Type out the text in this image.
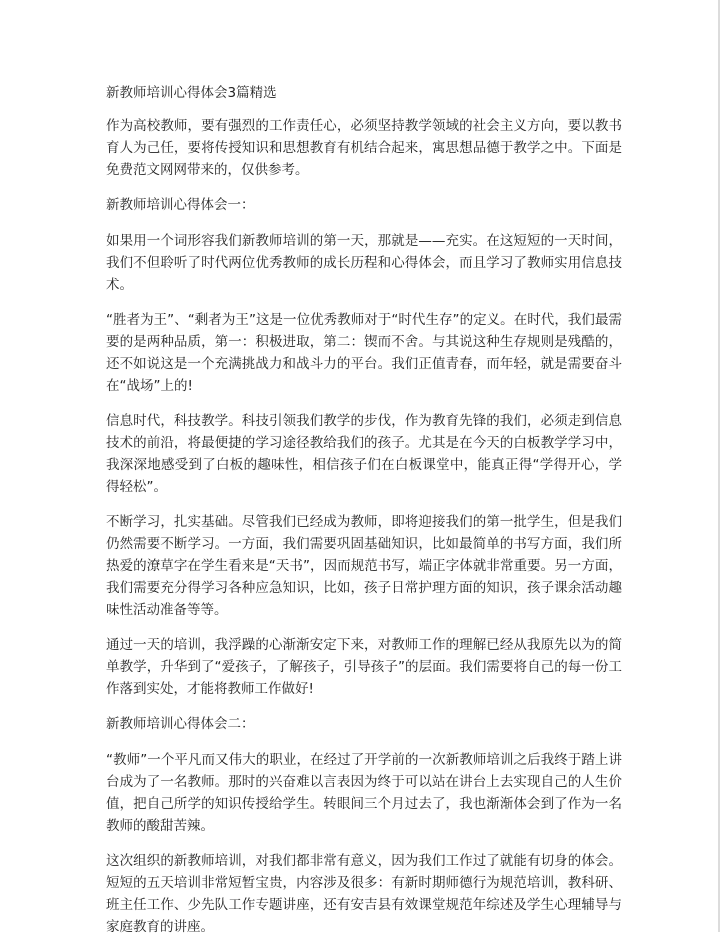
新教师培训心得体会3篇精选
作为高校教师，要有强烈的工作责任心，必须坚持教学领域的社会主义方向，要以教书育人为己任，要将传授知识和思想教育有机结合起来，寓思想品德于教学之中。下面是免费范文网网带来的，仅供参考。
新教师培训心得体会一：
如果用一个词形容我们新教师培训的第一天，那就是——充实。在这短短的一天时间，我们不但聆听了时代两位优秀教师的成长历程和心得体会，而且学习了教师实用信息技术。
“胜者为王”、“剩者为王”这是一位优秀教师对于“时代生存”的定义。在时代，我们最需要的是两种品质，第一：积极进取，第二：锲而不舍。与其说这种生存规则是残酷的，还不如说这是一个充满挑战力和战斗力的平台。我们正值青春，而年轻，就是需要奋斗在“战场”上的!
信息时代，科技教学。科技引领我们教学的步伐，作为教育先锋的我们，必须走到信息技术的前沿，将最便捷的学习途径教给我们的孩子。尤其是在今天的白板教学学习中，我深深地感受到了白板的趣味性，相信孩子们在白板课堂中，能真正得“学得开心，学得轻松”。
不断学习，扎实基础。尽管我们已经成为教师，即将迎接我们的第一批学生，但是我们仍然需要不断学习。一方面，我们需要巩固基础知识，比如最简单的书写方面，我们所热爱的潦草字在学生看来是“天书”，因而规范书写，端正字体就非常重要。另一方面，我们需要充分得学习各种应急知识，比如，孩子日常护理方面的知识，孩子课余活动趣味性活动准备等等。
通过一天的培训，我浮躁的心渐渐安定下来，对教师工作的理解已经从我原先以为的简单教学，升华到了“爱孩子，了解孩子，引导孩子”的层面。我们需要将自己的每一份工作落到实处，才能将教师工作做好!
新教师培训心得体会二：
“教师”一个平凡而又伟大的职业，在经过了开学前的一次新教师培训之后我终于踏上讲台成为了一名教师。那时的兴奋难以言表因为终于可以站在讲台上去实现自己的人生价值，把自己所学的知识传授给学生。转眼间三个月过去了，我也渐渐体会到了作为一名教师的酸甜苦辣。
这次组织的新教师培训，对我们都非常有意义，因为我们工作过了就能有切身的体会。短短的五天培训非常短暂宝贵，内容涉及很多：有新时期师德行为规范培训，教科研、班主任工作、少先队工作专题讲座，还有安吉县有效课堂规范年综述及学生心理辅导与家庭教育的讲座。
